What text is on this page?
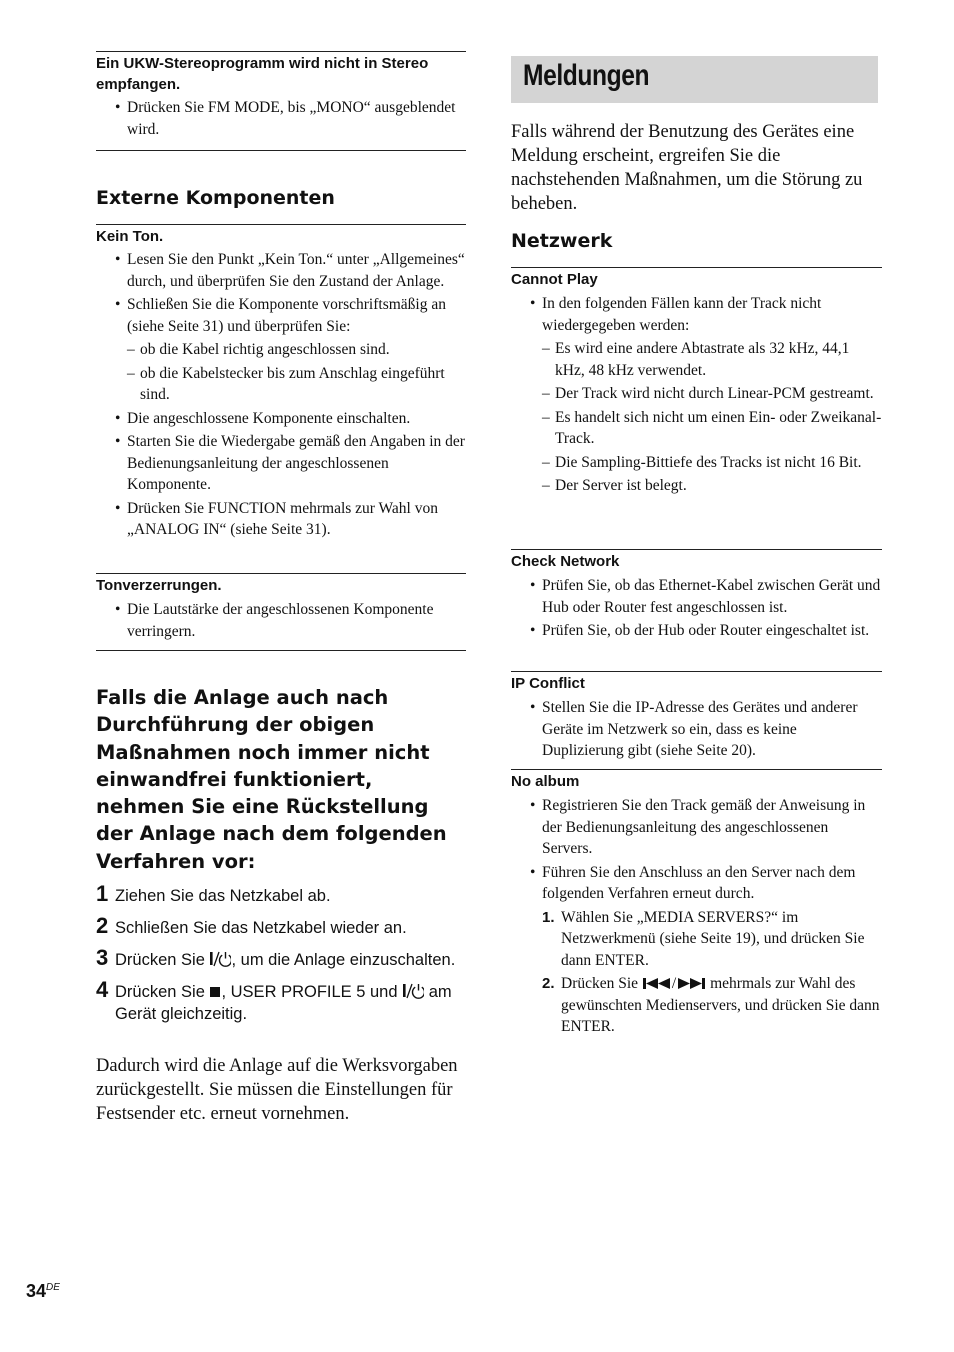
Ein UKW-Stereoprogramm wird nicht in Stereo empfangen.
• Drücken Sie FM MODE, bis „MONO“ ausgeblendet wird.
Externe Komponenten
Kein Ton.
• Lesen Sie den Punkt „Kein Ton.“ unter „Allgemeines“ durch, und überprüfen Sie den Zustand der Anlage.
• Schließen Sie die Komponente vorschriftsmäßig an (siehe Seite 31) und überprüfen Sie:
– ob die Kabel richtig angeschlossen sind.
– ob die Kabelstecker bis zum Anschlag eingeführt sind.
• Die angeschlossene Komponente einschalten.
• Starten Sie die Wiedergabe gemäß den Angaben in der Bedienungsanleitung der angeschlossenen Komponente.
• Drücken Sie FUNCTION mehrmals zur Wahl von „ANALOG IN“ (siehe Seite 31).
Tonverzerrungen.
• Die Lautstärke der angeschlossenen Komponente verringern.
Falls die Anlage auch nach Durchführung der obigen Maßnahmen noch immer nicht einwandfrei funktioniert, nehmen Sie eine Rückstellung der Anlage nach dem folgenden Verfahren vor:
1 Ziehen Sie das Netzkabel ab.
2 Schließen Sie das Netzkabel wieder an.
3 Drücken Sie , um die Anlage einzuschalten.
4 Drücken Sie , USER PROFILE 5 und  am Gerät gleichzeitig.
Dadurch wird die Anlage auf die Werksvorgaben zurückgestellt. Sie müssen die Einstellungen für Festsender etc. erneut vornehmen.
Meldungen
Falls während der Benutzung des Gerätes eine Meldung erscheint, ergreifen Sie die nachstehenden Maßnahmen, um die Störung zu beheben.
Netzwerk
Cannot Play
• In den folgenden Fällen kann der Track nicht wiedergegeben werden:
– Es wird eine andere Abtastrate als 32 kHz, 44,1 kHz, 48 kHz verwendet.
– Der Track wird nicht durch Linear-PCM gestreamt.
– Es handelt sich nicht um einen Ein- oder Zweikanal-Track.
– Die Sampling-Bittiefe des Tracks ist nicht 16 Bit.
– Der Server ist belegt.
Check Network
• Prüfen Sie, ob das Ethernet-Kabel zwischen Gerät und Hub oder Router fest angeschlossen ist.
• Prüfen Sie, ob der Hub oder Router eingeschaltet ist.
IP Conflict
• Stellen Sie die IP-Adresse des Gerätes und anderer Geräte im Netzwerk so ein, dass es keine Duplizierung gibt (siehe Seite 20).
No album
• Registrieren Sie den Track gemäß der Anweisung in der Bedienungsanleitung des angeschlossenen Servers.
• Führen Sie den Anschluss an den Server nach dem folgenden Verfahren erneut durch.
1. Wählen Sie „MEDIA SERVERS?“ im Netzwerkmenü (siehe Seite 19), und drücken Sie dann ENTER.
2. Drücken Sie / mehrmals zur Wahl des gewünschten Medienservers, und drücken Sie dann ENTER.
34DE
